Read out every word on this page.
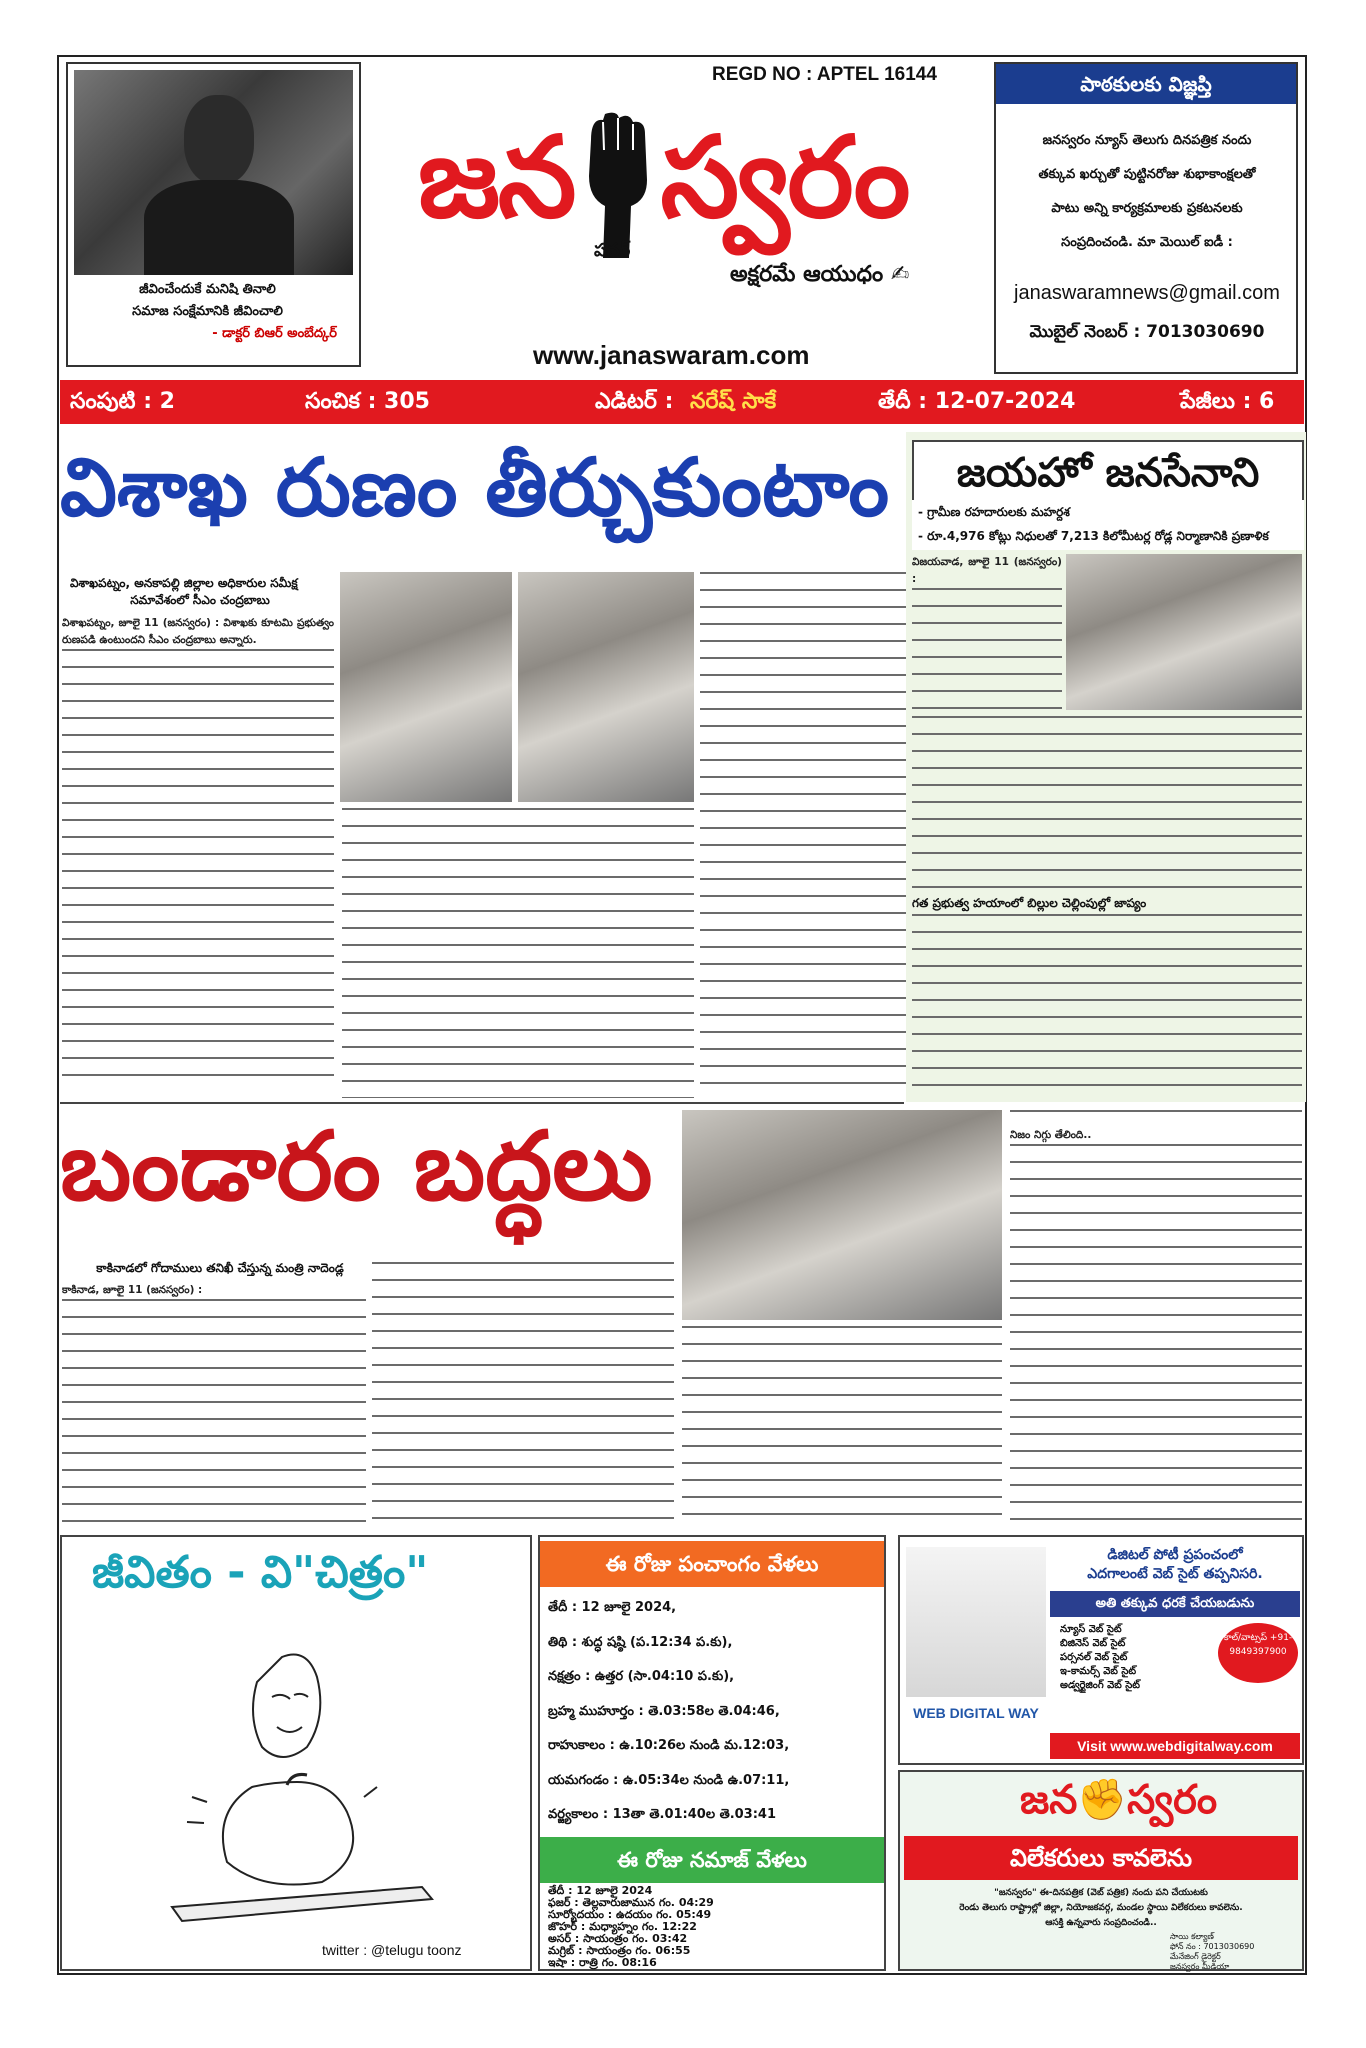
జీవించేందుకే మనిషి తినాలి
సమాజ సంక్షేమానికి జీవించాలి
- డాక్టర్ బిఆర్ అంబేద్కర్
REGD NO : APTEL 16144
జన స్వరం
పవర్
అక్షరమే ఆయుధం ✍
www.janaswaram.com
పాఠకులకు విజ్ఞప్తి
జనస్వరం న్యూస్ తెలుగు దినపత్రిక నందు
తక్కువ ఖర్చుతో పుట్టినరోజు శుభాకాంక్షలతో
పాటు అన్ని కార్యక్రమాలకు ప్రకటనలకు
సంప్రదించండి. మా మెయిల్ ఐడీ :
janaswaramnews@gmail.com
మొబైల్ నెంబర్ : 7013030690
సంపుటి : 2	సంచిక : 305	ఎడిటర్ : నరేష్ సాకే	తేదీ : 12-07-2024	పేజీలు : 6
విశాఖ రుణం తీర్చుకుంటాం
విశాఖపట్నం, అనకాపల్లి జిల్లాల అధికారుల సమీక్ష
సమావేశంలో సీఎం చంద్రబాబు
విశాఖపట్నం, జూలై 11 (జనస్వరం) : విశాఖకు కూటమి ప్రభుత్వం రుణపడి ఉంటుందని సీఎం చంద్రబాబు అన్నారు.
జయహో జనసేనాని
- గ్రామీణ రహదారులకు మహర్దశ
- రూ.4,976 కోట్లు నిధులతో 7,213 కిలోమీటర్ల రోడ్ల నిర్మాణానికి ప్రణాళిక
విజయవాడ, జూలై 11 (జనస్వరం) :
గత ప్రభుత్వ హయాంలో బిల్లుల చెల్లింపుల్లో జాప్యం
బండారం బద్ధలు
కాకినాడలో గోదాములు తనిఖీ చేస్తున్న మంత్రి నాదెండ్ల
కాకినాడ, జూలై 11 (జనస్వరం) :
నిజం నిగ్గు తేలింది..
జీవితం - వి"చిత్రం"
twitter : @telugu toonz
ఈ రోజు పంచాంగం వేళలు
తేదీ : 12 జూలై 2024,
తిథి : శుద్ధ షష్ఠి (ప.12:34 ప.కు),
నక్షత్రం : ఉత్తర (సా.04:10 ప.కు),
బ్రహ్మ ముహూర్తం : తె.03:58ల తె.04:46,
రాహుకాలం : ఉ.10:26ల నుండి మ.12:03,
యమగండం : ఉ.05:34ల నుండి ఉ.07:11,
వర్జ్యకాలం : 13తా తె.01:40ల తె.03:41
ఈ రోజు నమాజ్ వేళలు
తేదీ : 12 జూలై 2024
ఫజర్ : తెల్లవారుజామున గం. 04:29
సూర్యోదయం : ఉదయం గం. 05:49
జొహర్ : మధ్యాహ్నం గం. 12:22
అసర్ : సాయంత్రం గం. 03:42
మగ్రిబ్ : సాయంత్రం గం. 06:55
ఇషా : రాత్రి గం. 08:16
డిజిటల్ పోటీ ప్రపంచంలో
ఎదగాలంటే వెబ్ సైట్ తప్పనిసరి.
అతి తక్కువ ధరకే చేయబడును
న్యూస్ వెబ్ సైట్
బిజినెస్ వెబ్ సైట్
పర్సనల్ వెబ్ సైట్
ఇ-కామర్స్ వెబ్ సైట్
అడ్వర్టైజింగ్ వెబ్ సైట్
కాల్/వాట్సప్ +91-9849397900
WEB DIGITAL WAY
Visit www.webdigitalway.com
జన✊స్వరం
విలేకరులు కావలెను
"జనస్వరం" ఈ-దినపత్రిక (వెబ్ పత్రిక) నందు పని చేయుటకు
రెండు తెలుగు రాష్ట్రాల్లో జిల్లా, నియోజకవర్గ, మండల స్థాయి విలేకరులు కావలెను.
ఆసక్తి ఉన్నవారు సంప్రదించండి..
సాయి కల్యాణ్
ఫోన్ నం : 7013030690
మేనేజింగ్ డైరెక్టర్
జనస్వరం మీడియా
